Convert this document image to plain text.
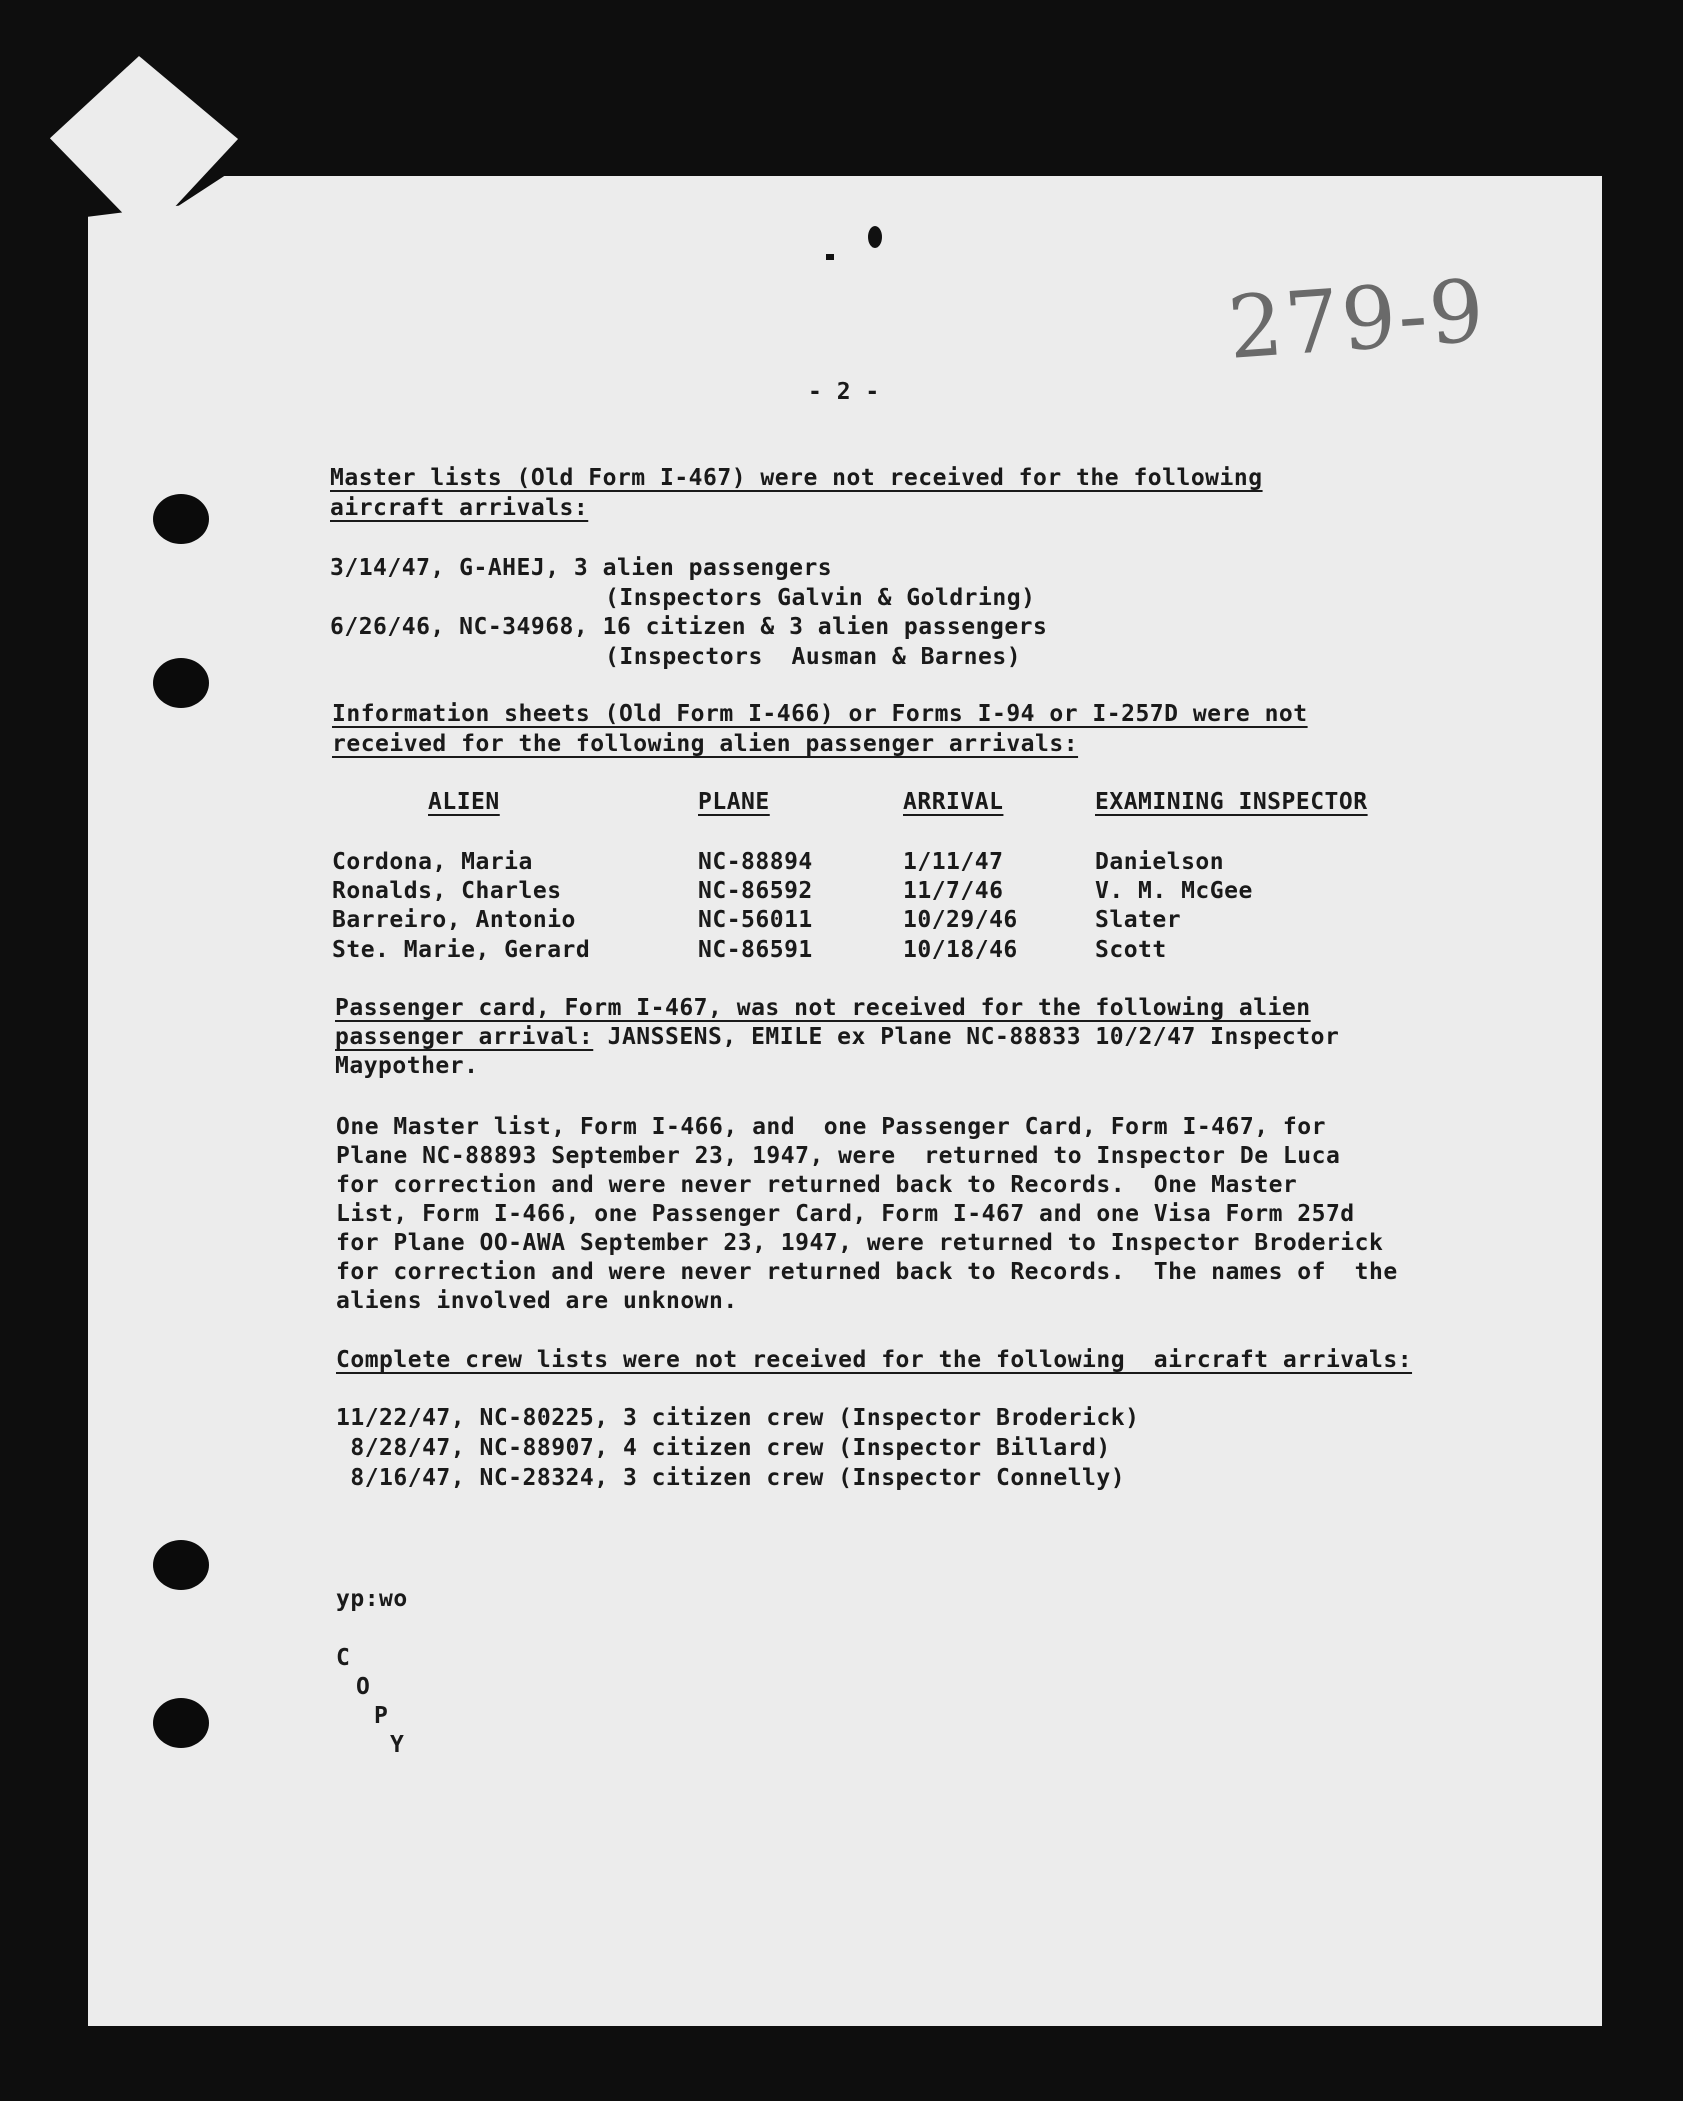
279-9
- 2 -
Master lists (Old Form I-467) were not received for the following
aircraft arrivals:
3/14/47, G-AHEJ, 3 alien passengers
(Inspectors Galvin & Goldring)
6/26/46, NC-34968, 16 citizen & 3 alien passengers
(Inspectors  Ausman & Barnes)
Information sheets (Old Form I-466) or Forms I-94 or I-257D were not
received for the following alien passenger arrivals:
ALIEN	PLANE	ARRIVAL	EXAMINING INSPECTOR
Cordona, Maria	NC-88894	1/11/47	Danielson
Ronalds, Charles	NC-86592	11/7/46	V. M. McGee
Barreiro, Antonio	NC-56011	10/29/46	Slater
Ste. Marie, Gerard	NC-86591	10/18/46	Scott
Passenger card, Form I-467, was not received for the following alien
passenger arrival: JANSSENS, EMILE ex Plane NC-88833 10/2/47 Inspector
Maypother.
One Master list, Form I-466, and  one Passenger Card, Form I-467, for
Plane NC-88893 September 23, 1947, were  returned to Inspector De Luca
for correction and were never returned back to Records.  One Master
List, Form I-466, one Passenger Card, Form I-467 and one Visa Form 257d
for Plane OO-AWA September 23, 1947, were returned to Inspector Broderick
for correction and were never returned back to Records.  The names of  the
aliens involved are unknown.
Complete crew lists were not received for the following  aircraft arrivals:
11/22/47, NC-80225, 3 citizen crew (Inspector Broderick)
8/28/47, NC-88907, 4 citizen crew (Inspector Billard)
8/16/47, NC-28324, 3 citizen crew (Inspector Connelly)
yp:wo
C
O
P
Y
